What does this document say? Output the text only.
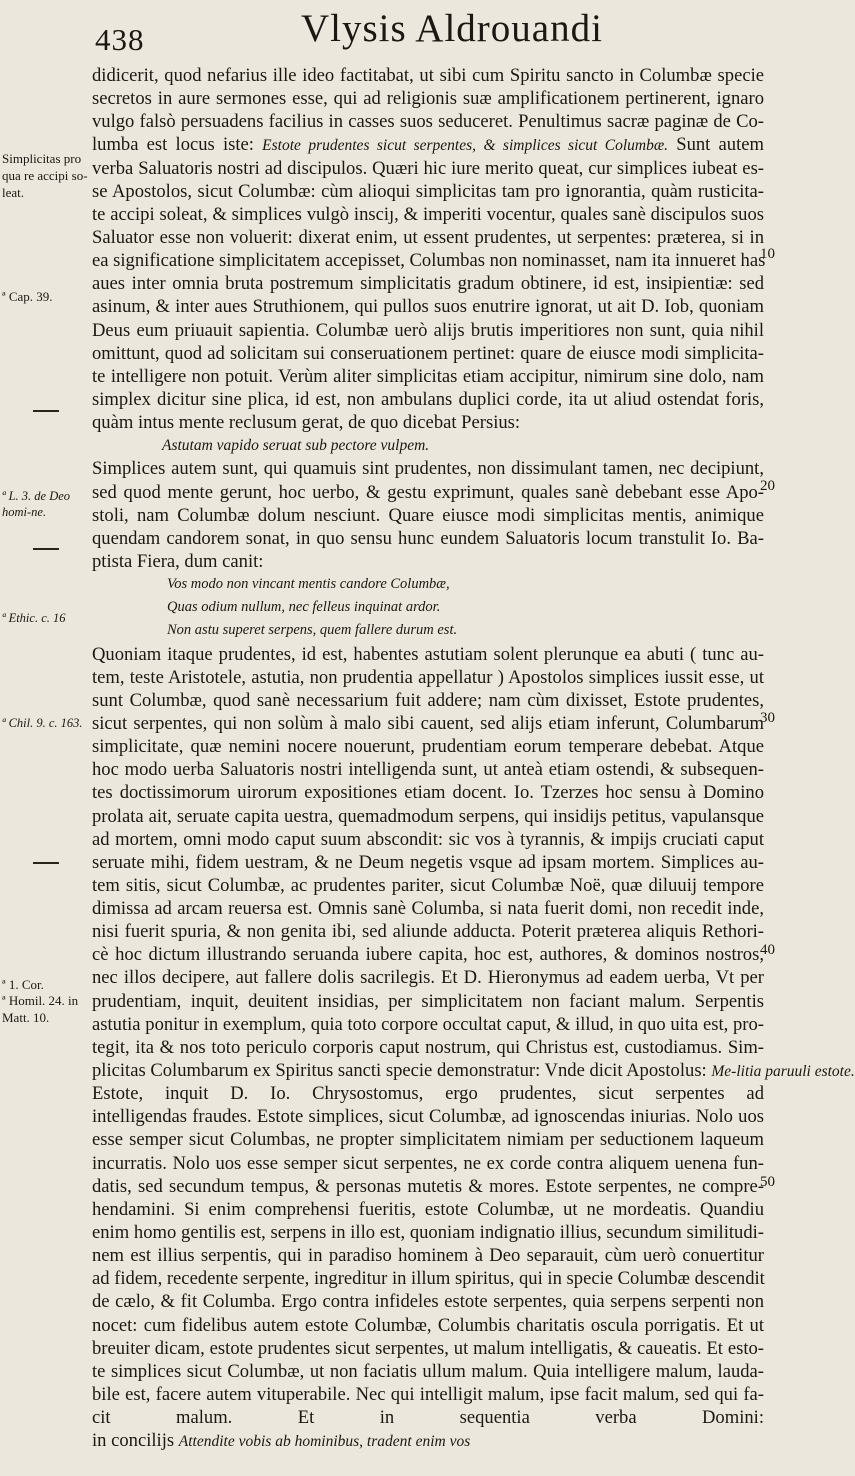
438	Vlysis Aldrouandi
Simplicitas pro qua re accipi so-leat.
ª Cap. 39.
ª L. 3. de Deo homi-ne.
ª Ethic. c. 16
ª Chil. 9. c. 163.
ª 1. Cor.
ª Homil. 24. in Matt. 10.
10
20
30
40
50
didicerit, quod nefarius ille ideo factitabat, ut sibi cum Spiritu sancto in Columbæ specie
secretos in aure sermones esse, qui ad religionis suæ amplificationem pertinerent, ignaro
vulgo falsò persuadens facilius in casses suos seduceret. Penultimus sacræ paginæ de Co-
lumba est locus iste: Estote prudentes sicut serpentes, & simplices sicut Columbæ. Sunt autem
verba Saluatoris nostri ad discipulos. Quæri hic iure merito queat, cur simplices iubeat es-
se Apostolos, sicut Columbæ: cùm alioqui simplicitas tam pro ignorantia, quàm rusticita-
te accipi soleat, & simplices vulgò insciȷ, & imperiti vocentur, quales sanè discipulos suos
Saluator esse non voluerit: dixerat enim, ut essent prudentes, ut serpentes: præterea, si in
ea significatione simplicitatem accepisset, Columbas non nominasset, nam ita innueret has
aues inter omnia bruta postremum simplicitatis gradum obtinere, id est, insipientiæ: sed
asinum, & inter aues Struthionem, qui pullos suos enutrire ignorat, ut ait D. Iob, quoniam
Deus eum priuauit sapientia. Columbæ uerò alijs brutis imperitiores non sunt, quia nihil
omittunt, quod ad solicitam sui conseruationem pertinet: quare de eiusce modi simplicita-
te intelligere non potuit. Verùm aliter simplicitas etiam accipitur, nimirum sine dolo, nam
simplex dicitur sine plica, id est, non ambulans duplici corde, ita ut aliud ostendat foris,
quàm intus mente reclusum gerat, de quo dicebat Persius:
Astutam vapido seruat sub pectore vulpem.
Simplices autem sunt, qui quamuis sint prudentes, non dissimulant tamen, nec decipiunt,
sed quod mente gerunt, hoc uerbo, & gestu exprimunt, quales sanè debebant esse Apo-
stoli, nam Columbæ dolum nesciunt. Quare eiusce modi simplicitas mentis, animique
quendam candorem sonat, in quo sensu hunc eundem Saluatoris locum transtulit Io. Ba-
ptista Fiera, dum canit:
Vos modo non vincant mentis candore Columbæ,
Quas odium nullum, nec felleus inquinat ardor.
Non astu superet serpens, quem fallere durum est.
Quoniam itaque prudentes, id est, habentes astutiam solent plerunque ea abuti ( tunc au-
tem, teste Aristotele, astutia, non prudentia appellatur ) Apostolos simplices iussit esse, ut
sunt Columbæ, quod sanè necessarium fuit addere; nam cùm dixisset, Estote prudentes,
sicut serpentes, qui non solùm à malo sibi cauent, sed alijs etiam inferunt, Columbarum
simplicitate, quæ nemini nocere nouerunt, prudentiam eorum temperare debebat. Atque
hoc modo uerba Saluatoris nostri intelligenda sunt, ut anteà etiam ostendi, & subsequen-
tes doctissimorum uirorum expositiones etiam docent. Io. Tzerzes hoc sensu à Domino
prolata ait, seruate capita uestra, quemadmodum serpens, qui insidijs petitus, vapulansque
ad mortem, omni modo caput suum abscondit: sic vos à tyrannis, & impijs cruciati caput
seruate mihi, fidem uestram, & ne Deum negetis vsque ad ipsam mortem. Simplices au-
tem sitis, sicut Columbæ, ac prudentes pariter, sicut Columbæ Noë, quæ diluuij tempore
dimissa ad arcam reuersa est. Omnis sanè Columba, si nata fuerit domi, non recedit inde,
nisi fuerit spuria, & non genita ibi, sed aliunde adducta. Poterit præterea aliquis Rethori-
cè hoc dictum illustrando seruanda iubere capita, hoc est, authores, & dominos nostros,
nec illos decipere, aut fallere dolis sacrilegis. Et D. Hieronymus ad eadem uerba, Vt per
prudentiam, inquit, deuitent insidias, per simplicitatem non faciant malum. Serpentis
astutia ponitur in exemplum, quia toto corpore occultat caput, & illud, in quo uita est, pro-
tegit, ita & nos toto periculo corporis caput nostrum, qui Christus est, custodiamus. Sim-
plicitas Columbarum ex Spiritus sancti specie demonstratur: Vnde dicit Apostolus: Me-litia paruuli estote.
Estote, inquit D. Io. Chrysostomus, ergo prudentes, sicut serpentes ad
intelligendas fraudes. Estote simplices, sicut Columbæ, ad ignoscendas iniurias. Nolo uos
esse semper sicut Columbas, ne propter simplicitatem nimiam per seductionem laqueum
incurratis. Nolo uos esse semper sicut serpentes, ne ex corde contra aliquem uenena fun-
datis, sed secundum tempus, & personas mutetis & mores. Estote serpentes, ne compre-
hendamini. Si enim comprehensi fueritis, estote Columbæ, ut ne mordeatis. Quandiu
enim homo gentilis est, serpens in illo est, quoniam indignatio illius, secundum similitudi-
nem est illius serpentis, qui in paradiso hominem à Deo separauit, cùm uerò conuertitur
ad fidem, recedente serpente, ingreditur in illum spiritus, qui in specie Columbæ descendit
de cælo, & fit Columba. Ergo contra infideles estote serpentes, quia serpens serpenti non
nocet: cum fidelibus autem estote Columbæ, Columbis charitatis oscula porrigatis. Et ut
breuiter dicam, estote prudentes sicut serpentes, ut malum intelligatis, & caueatis. Et esto-
te simplices sicut Columbæ, ut non faciatis ullum malum. Quia intelligere malum, lauda-
bile est, facere autem vituperabile. Nec qui intelligit malum, ipse facit malum, sed qui fa-
cit malum. Et in sequentia verba Domini:
in concilijs Attendite vobis ab hominibus, tradent enim vos
